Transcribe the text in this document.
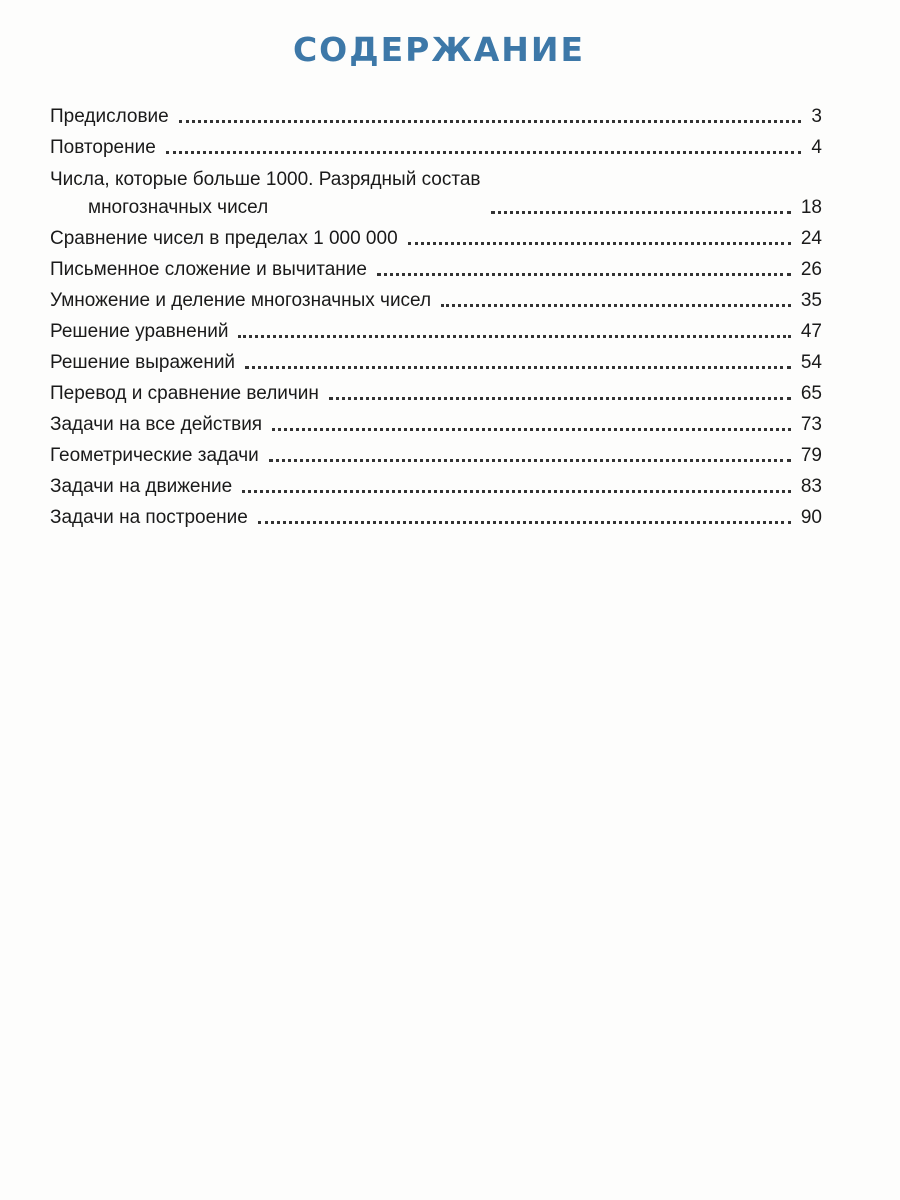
СОДЕРЖАНИЕ
Предисловие	3
Повторение	4
Числа, которые больше 1000. Разрядный состав
многозначных чисел	18
Сравнение чисел в пределах 1 000 000	24
Письменное сложение и вычитание	26
Умножение и деление многозначных чисел	35
Решение уравнений	47
Решение выражений	54
Перевод и сравнение величин	65
Задачи на все действия	73
Геометрические задачи	79
Задачи на движение	83
Задачи на построение	90
